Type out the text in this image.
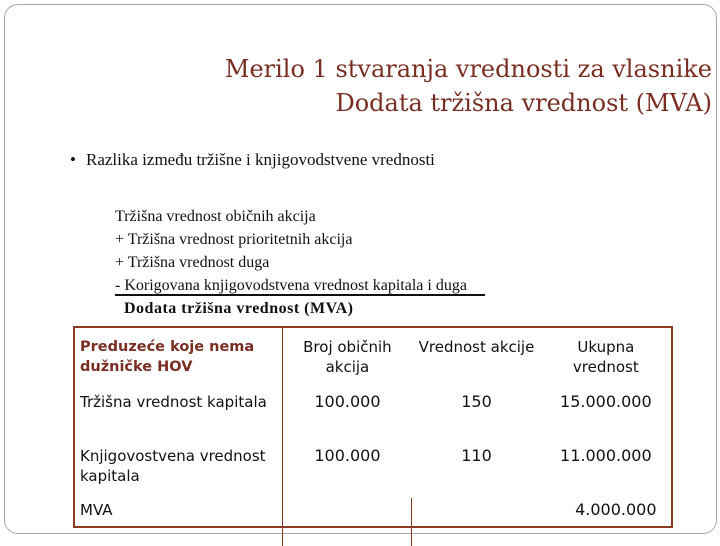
Merilo 1 stvaranja vrednosti za vlasnike
Dodata tržišna vrednost (MVA)
• Razlika između tržišne i knjigovodstvene vrednosti
Tržišna vrednost običnih akcija
+ Tržišna vrednost prioritetnih akcija
+ Tržišna vrednost duga
- Korigovana knjigovodstvena vrednost kapitala i duga
Dodata tržišna vrednost (MVA)
Preduzeće koje nema dužničke HOV	Broj običnih akcija	Vrednost akcije	Ukupna vrednost
Tržišna vrednost kapitala	100.000	150	15.000.000
Knjigovostvena vrednost kapitala	100.000	110	11.000.000
MVA			4.000.000
